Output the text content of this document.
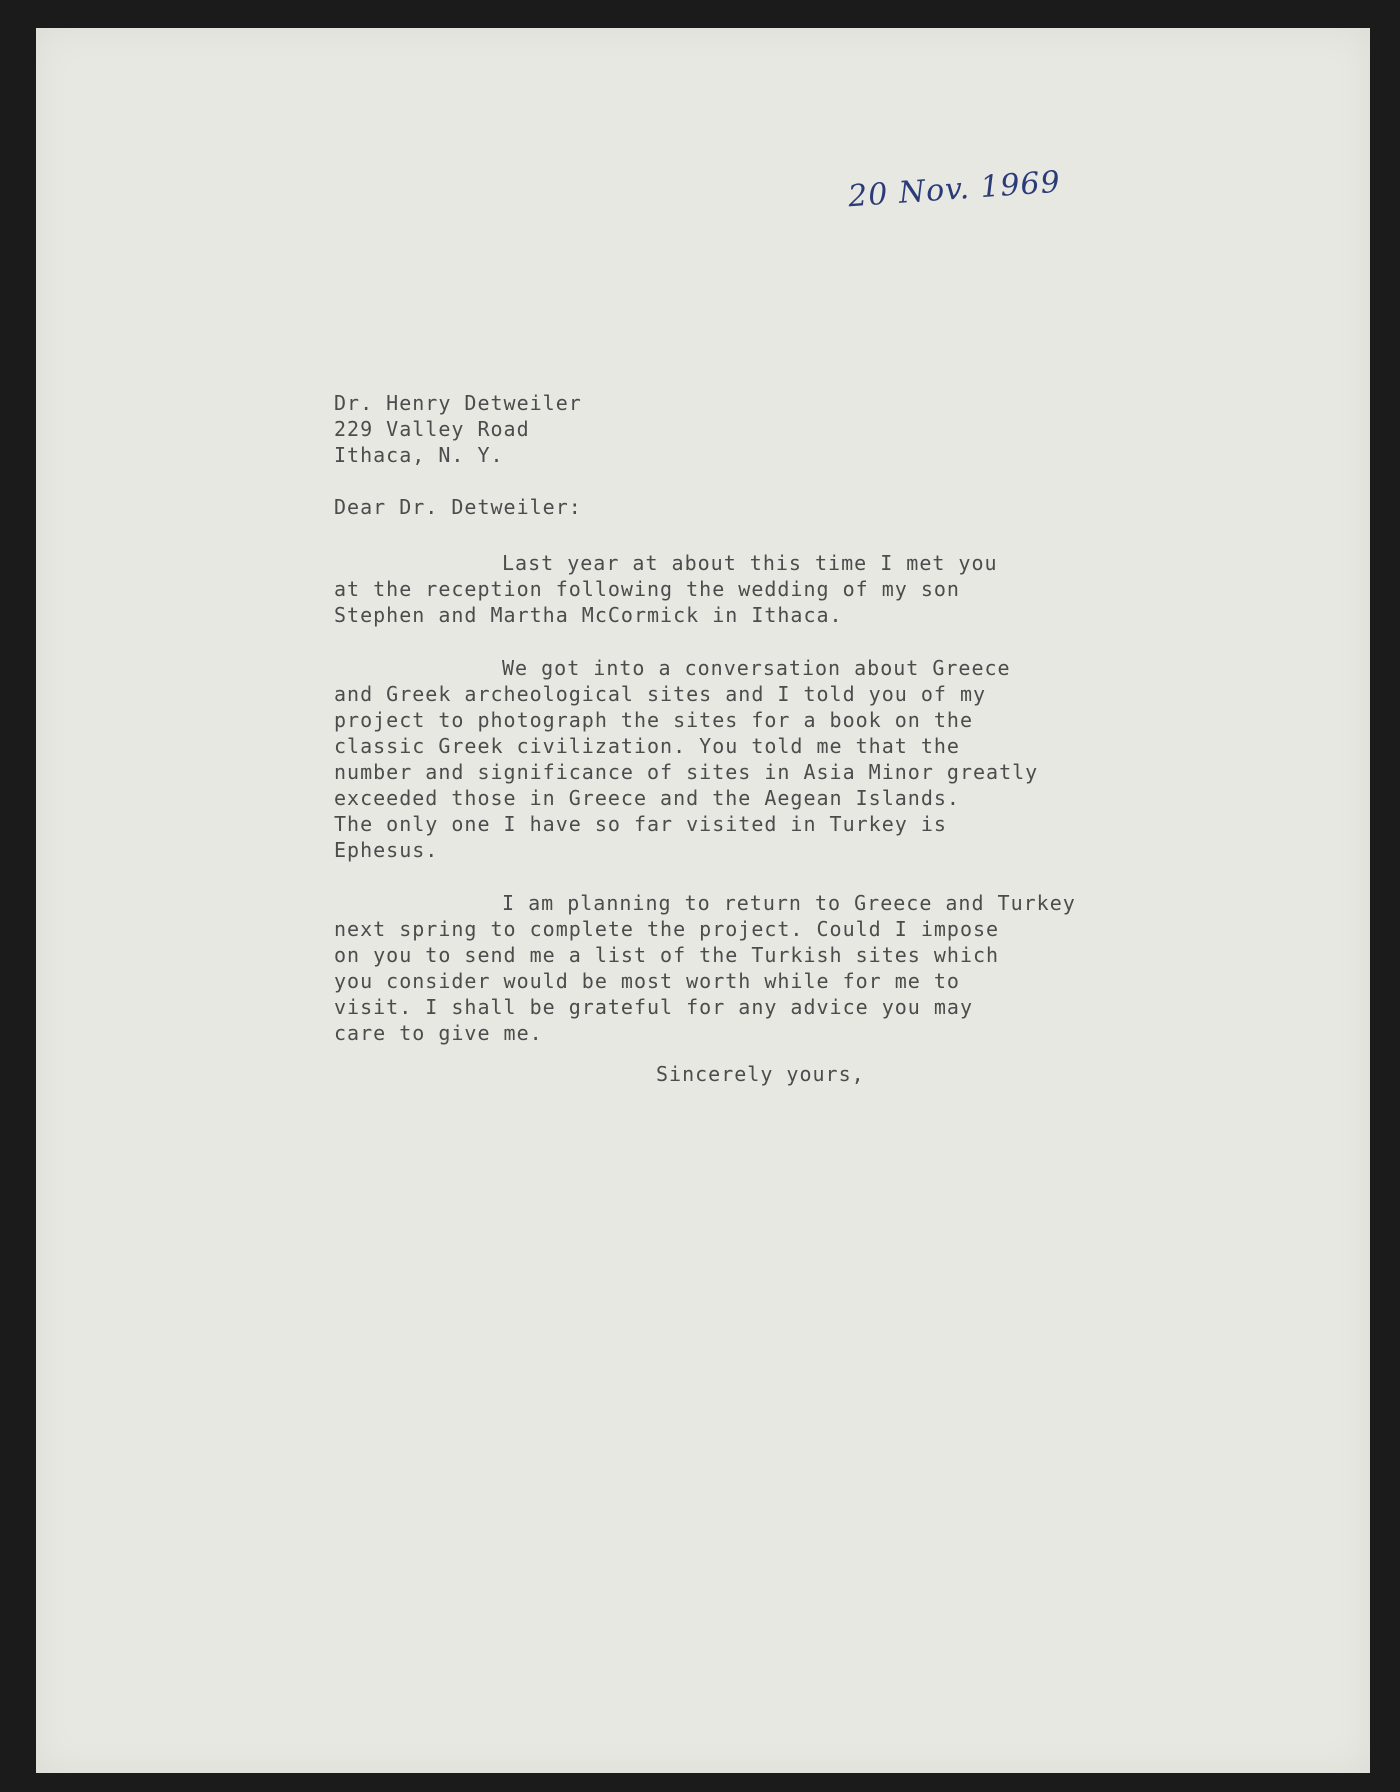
20 Nov. 1969
Dr. Henry Detweiler
229 Valley Road
Ithaca, N. Y.
Dear Dr. Detweiler:
Last year at about this time I met you
at the reception following the wedding of my son
Stephen and Martha McCormick in Ithaca.
We got into a conversation about Greece
and Greek archeological sites and I told you of my
project to photograph the sites for a book on the
classic Greek civilization. You told me that the
number and significance of sites in Asia Minor greatly
exceeded those in Greece and the Aegean Islands.
The only one I have so far visited in Turkey is
Ephesus.
I am planning to return to Greece and Turkey
next spring to complete the project. Could I impose
on you to send me a list of the Turkish sites which
you consider would be most worth while for me to
visit. I shall be grateful for any advice you may
care to give me.
Sincerely yours,
